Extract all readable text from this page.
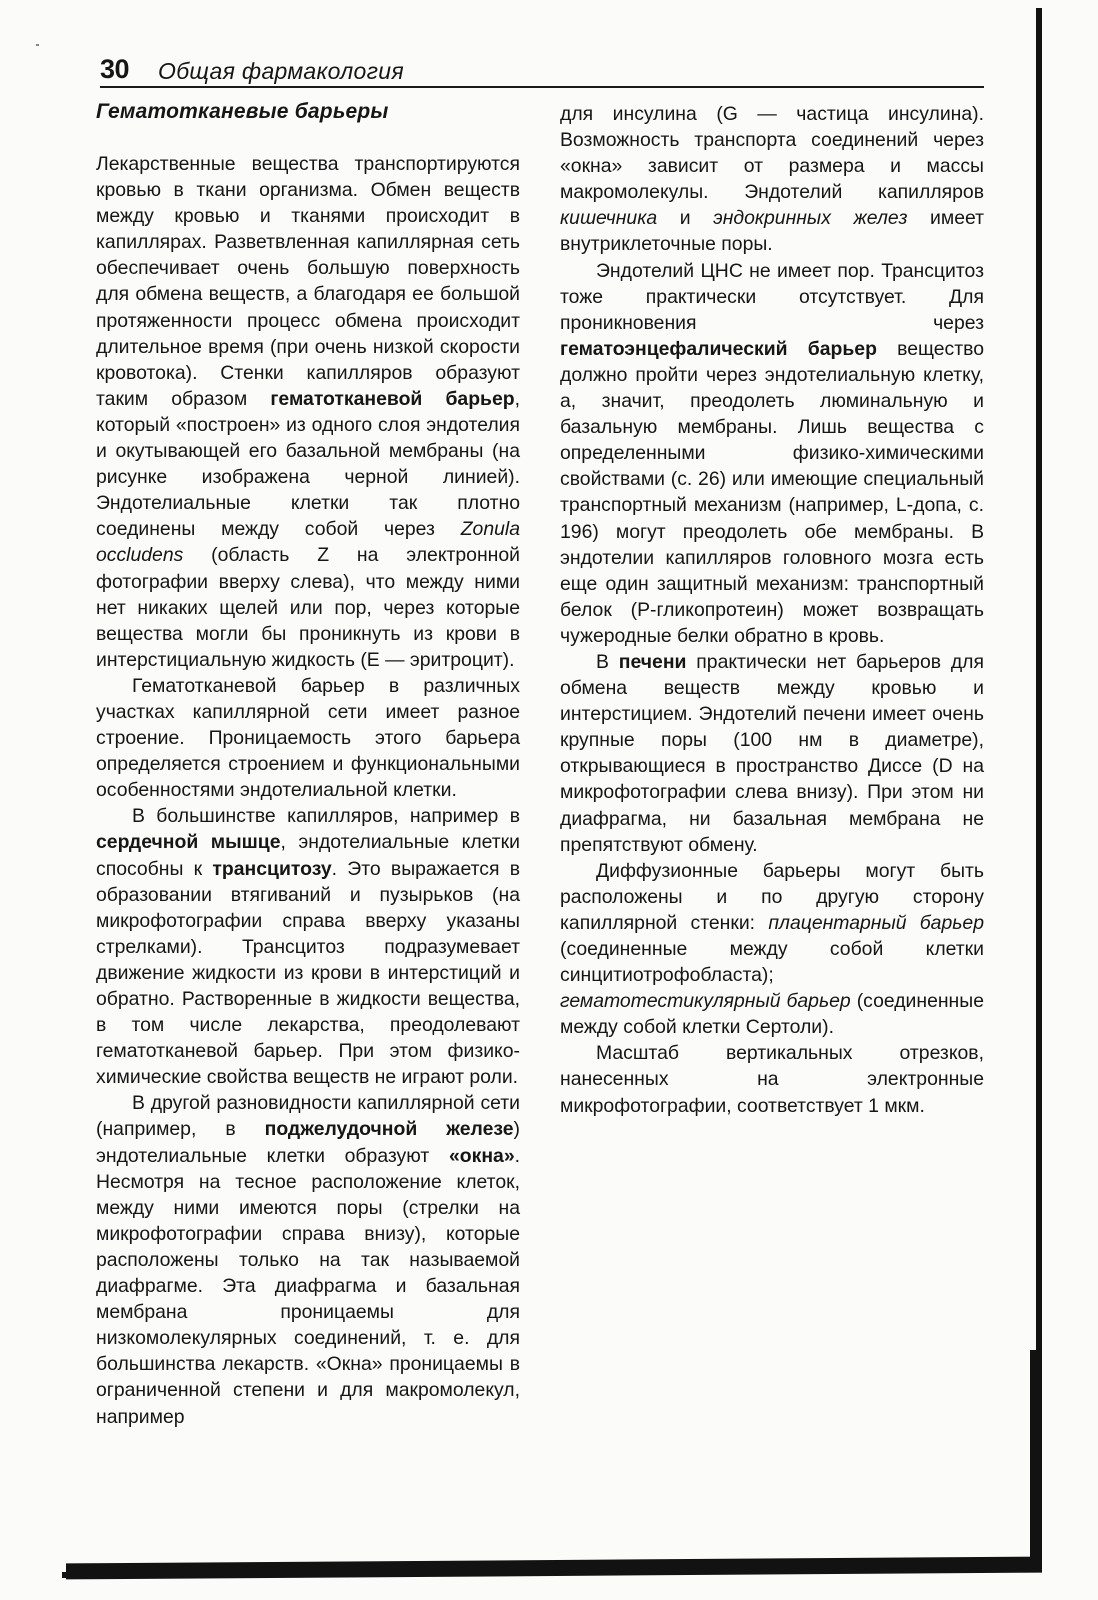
30 Общая фармакология
Гематотканевые барьеры

Лекарственные вещества транспортируются кровью в ткани организма. Обмен веществ между кровью и тканями происходит в капиллярах. Разветвленная капиллярная сеть обеспечивает очень большую поверхность для обмена веществ, а благодаря ее большой протяженности процесс обмена происходит длительное время (при очень низкой скорости кровотока). Стенки капилляров образуют таким образом гематотканевой барьер, который «построен» из одного слоя эндотелия и окутывающей его базальной мембраны (на рисунке изображена черной линией). Эндотелиальные клетки так плотно соединены между собой через Zonula occludens (область Z на электронной фотографии вверху слева), что между ними нет никаких щелей или пор, через которые вещества могли бы проникнуть из крови в интерстициальную жидкость (E — эритроцит).

Гематотканевой барьер в различных участках капиллярной сети имеет разное строение. Проницаемость этого барьера определяется строением и функциональными особенностями эндотелиальной клетки.

В большинстве капилляров, например в сердечной мышце, эндотелиальные клетки способны к трансцитозу. Это выражается в образовании втягиваний и пузырьков (на микрофотографии справа вверху указаны стрелками). Трансцитоз подразумевает движение жидкости из крови в интерстиций и обратно. Растворенные в жидкости вещества, в том числе лекарства, преодолевают гематотканевой барьер. При этом физико-химические свойства веществ не играют роли.

В другой разновидности капиллярной сети (например, в поджелудочной железе) эндотелиальные клетки образуют «окна». Несмотря на тесное расположение клеток, между ними имеются поры (стрелки на микрофотографии справа внизу), которые расположены только на так называемой диафрагме. Эта диафрагма и базальная мембрана проницаемы для низкомолекулярных соединений, т. е. для большинства лекарств. «Окна» проницаемы в ограниченной степени и для макромолекул, например

для инсулина (G — частица инсулина). Возможность транспорта соединений через «окна» зависит от размера и массы макромолекулы. Эндотелий капилляров кишечника и эндокринных желез имеет внутриклеточные поры.

Эндотелий ЦНС не имеет пор. Трансцитоз тоже практически отсутствует. Для проникновения через гематоэнцефалический барьер вещество должно пройти через эндотелиальную клетку, а, значит, преодолеть люминальную и базальную мембраны. Лишь вещества с определенными физико-химическими свойствами (с. 26) или имеющие специальный транспортный механизм (например, L-допа, с. 196) могут преодолеть обе мембраны. В эндотелии капилляров головного мозга есть еще один защитный механизм: транспортный белок (P-гликопротеин) может возвращать чужеродные белки обратно в кровь.

В печени практически нет барьеров для обмена веществ между кровью и интерстицием. Эндотелий печени имеет очень крупные поры (100 нм в диаметре), открывающиеся в пространство Диссе (D на микрофотографии слева внизу). При этом ни диафрагма, ни базальная мембрана не препятствуют обмену.

Диффузионные барьеры могут быть расположены и по другую сторону капиллярной стенки: плацентарный барьер (соединенные между собой клетки синцитиотрофобласта); гематотестикулярный барьер (соединенные между собой клетки Сертоли).

Масштаб вертикальных отрезков, нанесенных на электронные микрофотографии, соответствует 1 мкм.
